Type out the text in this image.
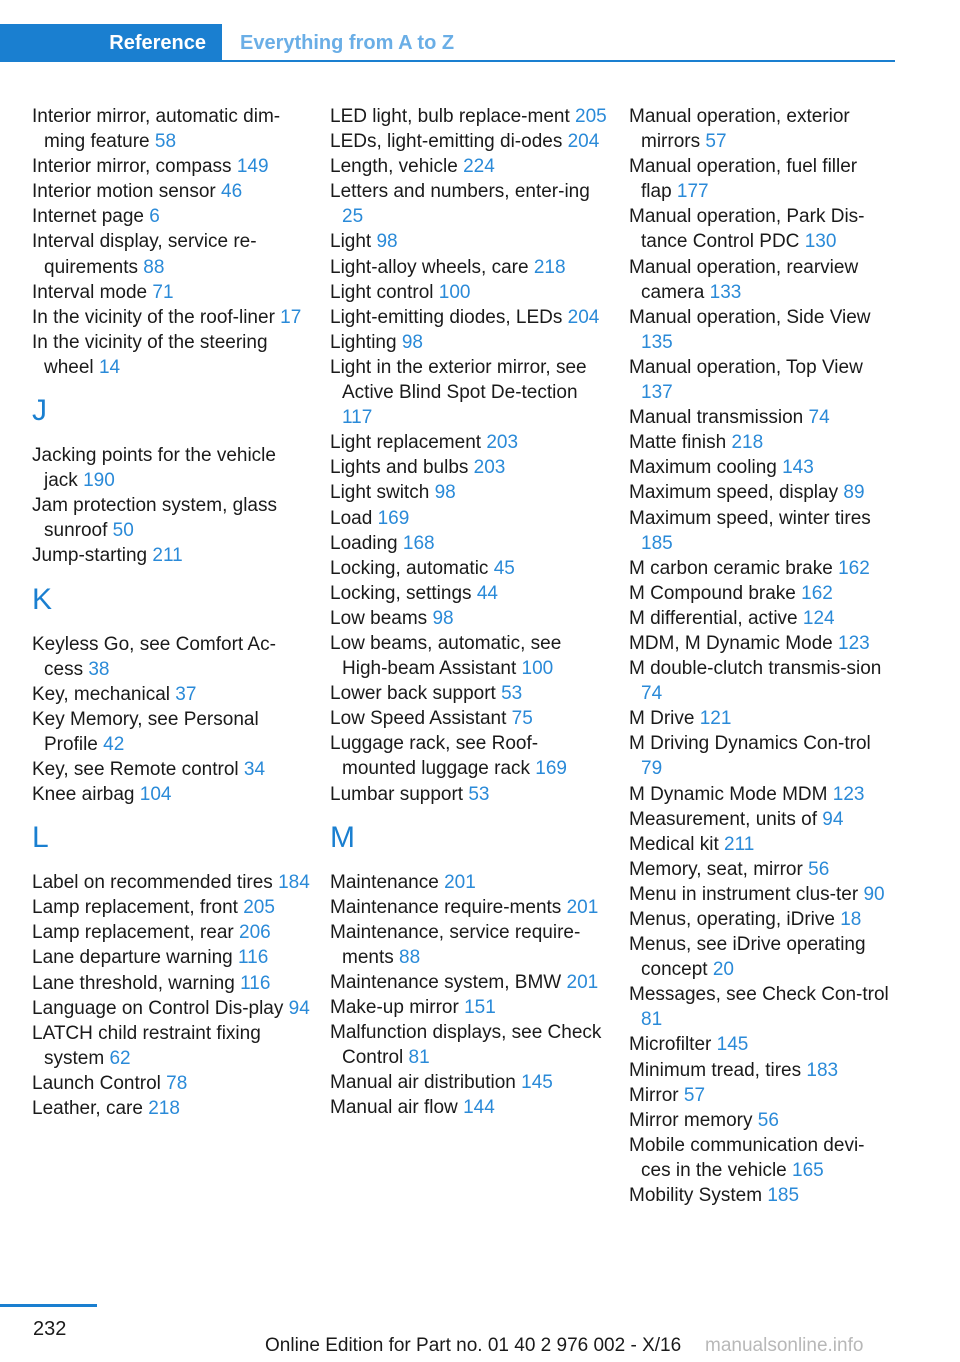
Reference	Everything from A to Z
Interior mirror, automatic dim-ming feature 58
Interior mirror, compass 149
Interior motion sensor 46
Internet page 6
Interval display, service re-quirements 88
Interval mode 71
In the vicinity of the roof-liner 17
In the vicinity of the steering wheel 14
J
Jacking points for the vehicle jack 190
Jam protection system, glass sunroof 50
Jump-starting 211
K
Keyless Go, see Comfort Ac-cess 38
Key, mechanical 37
Key Memory, see Personal Profile 42
Key, see Remote control 34
Knee airbag 104
L
Label on recommended tires 184
Lamp replacement, front 205
Lamp replacement, rear 206
Lane departure warning 116
Lane threshold, warning 116
Language on Control Dis-play 94
LATCH child restraint fixing system 62
Launch Control 78
Leather, care 218
LED light, bulb replace-ment 205
LEDs, light-emitting di-odes 204
Length, vehicle 224
Letters and numbers, enter-ing 25
Light 98
Light-alloy wheels, care 218
Light control 100
Light-emitting diodes, LEDs 204
Lighting 98
Light in the exterior mirror, see Active Blind Spot De-tection 117
Light replacement 203
Lights and bulbs 203
Light switch 98
Load 169
Loading 168
Locking, automatic 45
Locking, settings 44
Low beams 98
Low beams, automatic, see High-beam Assistant 100
Lower back support 53
Low Speed Assistant 75
Luggage rack, see Roof-mounted luggage rack 169
Lumbar support 53
M
Maintenance 201
Maintenance require-ments 201
Maintenance, service require-ments 88
Maintenance system, BMW 201
Make-up mirror 151
Malfunction displays, see Check Control 81
Manual air distribution 145
Manual air flow 144
Manual operation, exterior mirrors 57
Manual operation, fuel filler flap 177
Manual operation, Park Dis-tance Control PDC 130
Manual operation, rearview camera 133
Manual operation, Side View 135
Manual operation, Top View 137
Manual transmission 74
Matte finish 218
Maximum cooling 143
Maximum speed, display 89
Maximum speed, winter tires 185
M carbon ceramic brake 162
M Compound brake 162
M differential, active 124
MDM, M Dynamic Mode 123
M double-clutch transmis-sion 74
M Drive 121
M Driving Dynamics Con-trol 79
M Dynamic Mode MDM 123
Measurement, units of 94
Medical kit 211
Memory, seat, mirror 56
Menu in instrument clus-ter 90
Menus, operating, iDrive 18
Menus, see iDrive operating concept 20
Messages, see Check Con-trol 81
Microfilter 145
Minimum tread, tires 183
Mirror 57
Mirror memory 56
Mobile communication devi-ces in the vehicle 165
Mobility System 185
232
Online Edition for Part no. 01 40 2 976 002 - X/16 manualsonline.info
